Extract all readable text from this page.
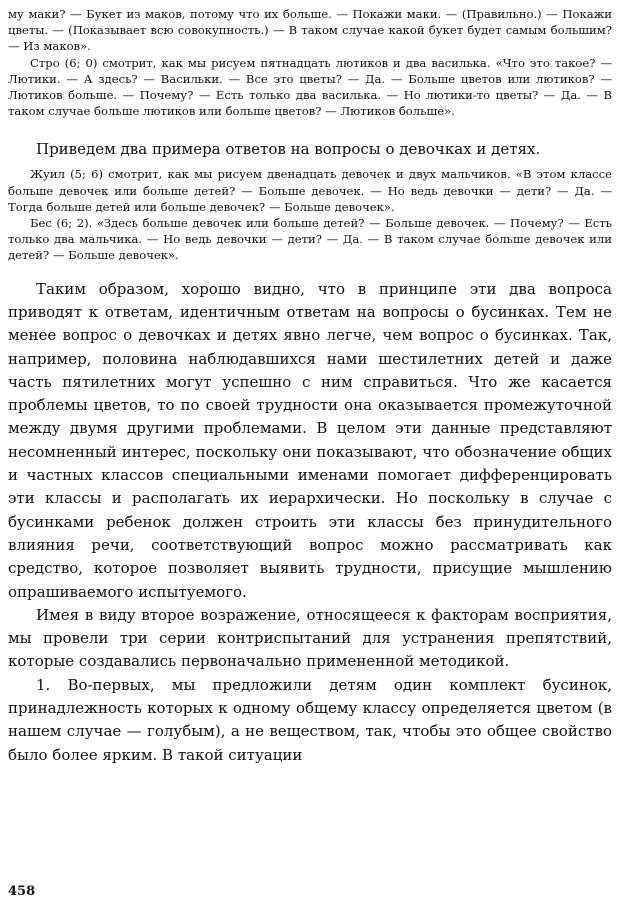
му маки? — Букет из маков, потому что их больше. — Покажи маки. — (Правильно.) — Покажи цветы. — (Показывает всю совокупность.) — В таком случае какой букет будет самым большим? — Из маков».

Стро (6; 0) смотрит, как мы рисуем пятнадцать лютиков и два василька. «Что это такое? — Лютики. — А здесь? — Васильки. — Все это цветы? — Да. — Больше цветов или лютиков? — Лютиков больше. — Почему? — Есть только два василька. — Но лютики-то цветы? — Да. — В таком случае больше лютиков или больше цветов? — Лютиков больше».

Приведем два примера ответов на вопросы о девочках и детях.

Жуил (5; 6) смотрит, как мы рисуем двенадцать девочек и двух мальчиков. «В этом классе больше девочек или больше детей? — Больше девочек. — Но ведь девочки — дети? — Да. — Тогда больше детей или больше девочек? — Больше девочек».

Бес (6; 2). «Здесь больше девочек или больше детей? — Больше девочек. — Почему? — Есть только два мальчика. — Но ведь девочки — дети? — Да. — В таком случае больше девочек или детей? — Больше девочек».

Таким образом, хорошо видно, что в принципе эти два вопроса приводят к ответам, идентичным ответам на вопросы о бусинках. Тем не менее вопрос о девочках и детях явно легче, чем вопрос о бусинках. Так, например, половина наблюдавшихся нами шестилетних детей и даже часть пятилетних могут успешно с ним справиться. Что же касается проблемы цветов, то по своей трудности она оказывается промежуточной между двумя другими проблемами. В целом эти данные представляют несомненный интерес, поскольку они показывают, что обозначение общих и частных классов специальными именами помогает дифференцировать эти классы и располагать их иерархически. Но поскольку в случае с бусинками ребенок должен строить эти классы без принудительного влияния речи, соответствующий вопрос можно рассматривать как средство, которое позволяет выявить трудности, присущие мышлению опрашиваемого испытуемого.

Имея в виду второе возражение, относящееся к факторам восприятия, мы провели три серии контриспытаний для устранения препятствий, которые создавались первоначально примененной методикой.

1. Во-первых, мы предложили детям один комплект бусинок, принадлежность которых к одному общему классу определяется цветом (в нашем случае — голубым), а не веществом, так, чтобы это общее свойство было более ярким. В такой ситуации

458
